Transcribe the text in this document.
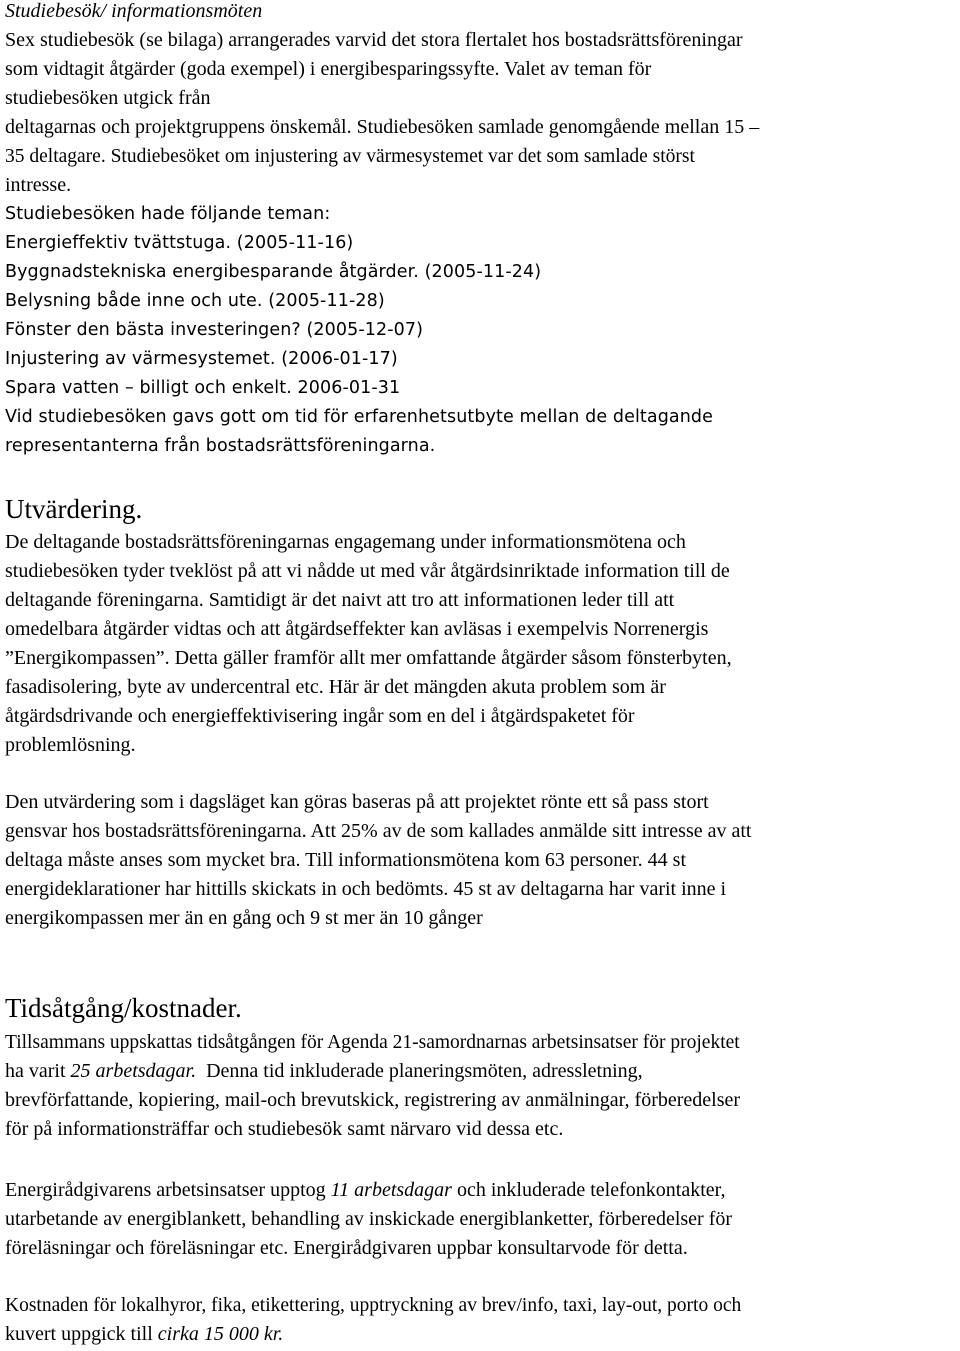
Studiebesök/ informationsmöten
Sex studiebesök (se bilaga) arrangerades varvid det stora flertalet hos bostadsrättsföreningar
som vidtagit åtgärder (goda exempel) i energibesparingssyfte. Valet av teman för
studiebesöken utgick från
deltagarnas och projektgruppens önskemål. Studiebesöken samlade genomgående mellan 15 –
35 deltagare. Studiebesöket om injustering av värmesystemet var det som samlade störst
intresse.
Studiebesöken hade följande teman:
Energieffektiv tvättstuga. (2005-11-16)
Byggnadstekniska energibesparande åtgärder. (2005-11-24)
Belysning både inne och ute. (2005-11-28)
Fönster den bästa investeringen? (2005-12-07)
Injustering av värmesystemet. (2006-01-17)
Spara vatten – billigt och enkelt. 2006-01-31
Vid studiebesöken gavs gott om tid för erfarenhetsutbyte mellan de deltagande
representanterna från bostadsrättsföreningarna.
Utvärdering.
De deltagande bostadsrättsföreningarnas engagemang under informationsmötena och
studiebesöken tyder tveklöst på att vi nådde ut med vår åtgärdsinriktade information till de
deltagande föreningarna. Samtidigt är det naivt att tro att informationen leder till att
omedelbara åtgärder vidtas och att åtgärdseffekter kan avläsas i exempelvis Norrenergis
”Energikompassen”. Detta gäller framför allt mer omfattande åtgärder såsom fönsterbyten,
fasadisolering, byte av undercentral etc. Här är det mängden akuta problem som är
åtgärdsdrivande och energieffektivisering ingår som en del i åtgärdspaketet för
problemlösning.
Den utvärdering som i dagsläget kan göras baseras på att projektet rönte ett så pass stort
gensvar hos bostadsrättsföreningarna. Att 25% av de som kallades anmälde sitt intresse av att
deltaga måste anses som mycket bra. Till informationsmötena kom 63 personer. 44 st
energideklarationer har hittills skickats in och bedömts. 45 st av deltagarna har varit inne i
energikompassen mer än en gång och 9 st mer än 10 gånger
Tidsåtgång/kostnader.
Tillsammans uppskattas tidsåtgången för Agenda 21-samordnarnas arbetsinsatser för projektet
ha varit 25 arbetsdagar.  Denna tid inkluderade planeringsmöten, adressletning,
brevförfattande, kopiering, mail-och brevutskick, registrering av anmälningar, förberedelser
för på informationsträffar och studiebesök samt närvaro vid dessa etc.
Energirådgivarens arbetsinsatser upptog 11 arbetsdagar och inkluderade telefonkontakter,
utarbetande av energiblankett, behandling av inskickade energiblanketter, förberedelser för
föreläsningar och föreläsningar etc. Energirådgivaren uppbar konsultarvode för detta.
Kostnaden för lokalhyror, fika, etikettering, upptryckning av brev/info, taxi, lay-out, porto och
kuvert uppgick till cirka 15 000 kr.
